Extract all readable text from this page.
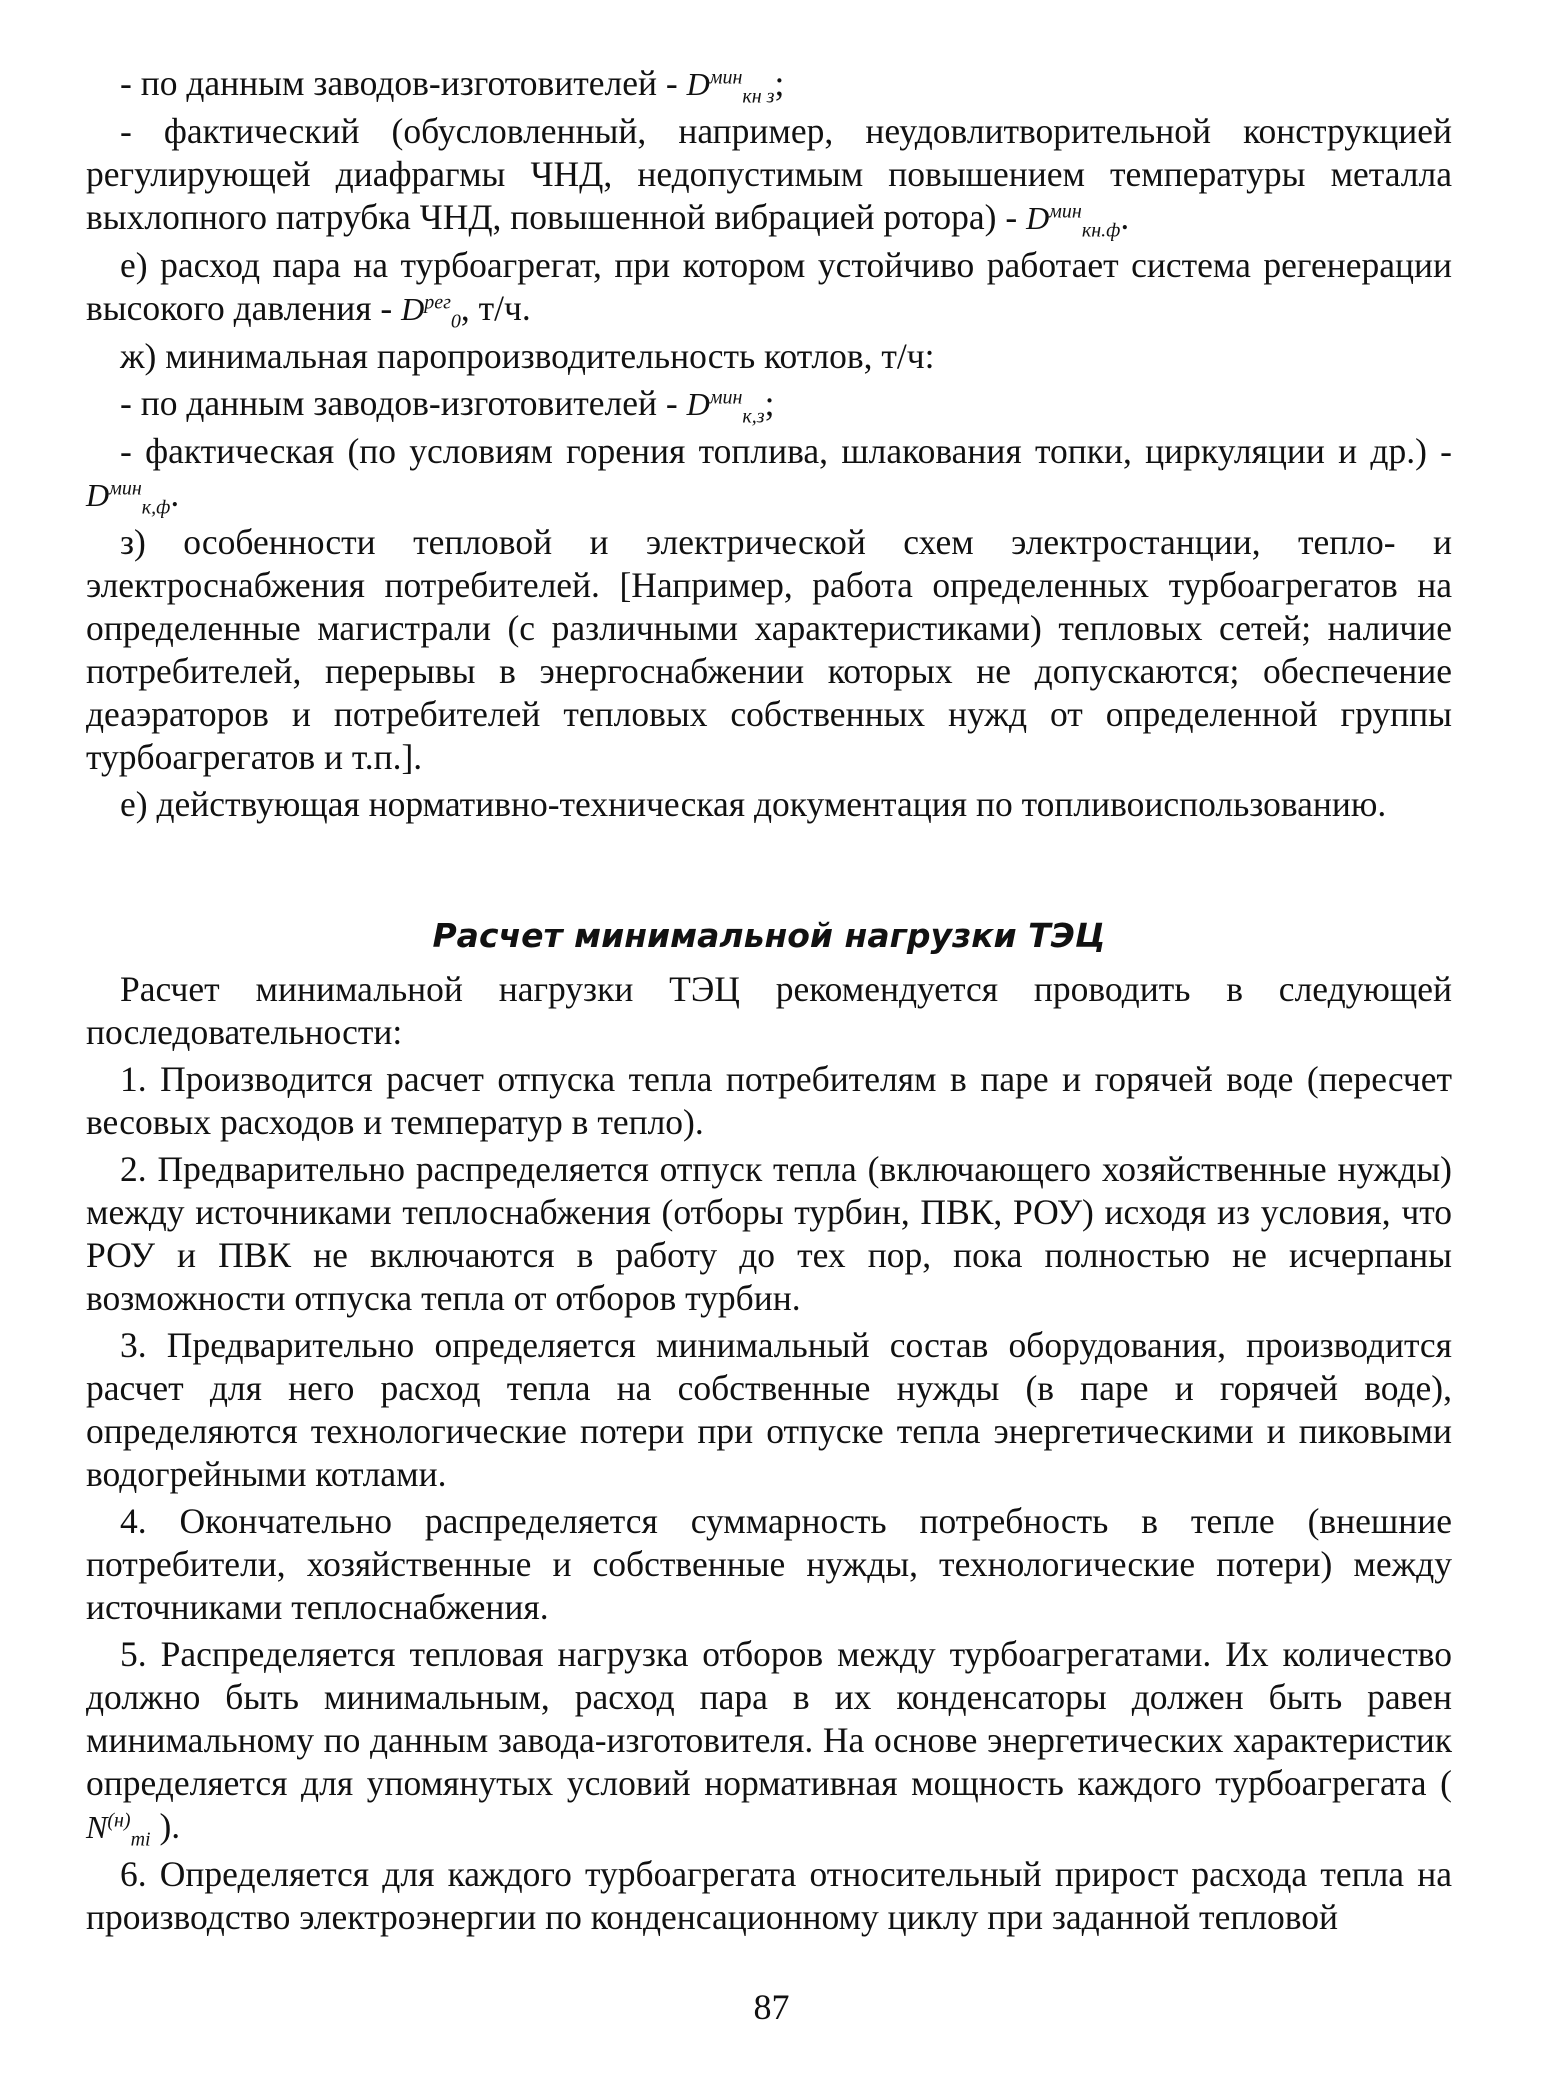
- по данным заводов-изготовителей - $D^{мин}_{кн з}$;

- фактический (обусловленный, например, неудовлитворительной конструкцией регулирующей диафрагмы ЧНД, недопустимым повышением температуры металла выхлопного патрубка ЧНД, повышенной вибрацией ротора) - $D^{мин}_{кн.ф}$.

е) расход пара на турбоагрегат, при котором устойчиво работает система регенерации высокого давления - $D^{рег}_0$, т/ч.

ж) минимальная паропроизводительность котлов, т/ч:

- по данным заводов-изготовителей - $D^{мин}_{к,з}$;

- фактическая (по условиям горения топлива, шлакования топки, циркуляции и $др.) - D^{мин}_{к,ф}$.

з) особенности тепловой и электрической схем электростанции, тепло- и электроснабжения потребителей. [Например, работа определенных турбоагрегатов на определенные магистрали (с различными характеристиками) тепловых сетей; наличие потребителей, перерывы в энергоснабжении которых не допускаются; обеспечение деаэраторов и потребителей тепловых собственных нужд от определенной группы турбоагрегатов и т.п.].

е) действующая нормативно-техническая документация по топливоиспользованию.

Расчет минимальной нагрузки ТЭЦ

Расчет минимальной нагрузки ТЭЦ рекомендуется проводить в следующей последовательности:

1. Производится расчет отпуска тепла потребителям в паре и горячей воде (пересчет весовых расходов и температур в тепло).

2. Предварительно распределяется отпуск тепла (включающего хозяйственные нужды) между источниками теплоснабжения (отборы турбин, ПВК, РОУ) исходя из условия, что РОУ и ПВК не включаются в работу до тех пор, пока полностью не исчерпаны возможности отпуска тепла от отборов турбин.

3. Предварительно определяется минимальный состав оборудования, производится расчет для него расход тепла на собственные нужды (в паре и горячей воде), определяются технологические потери при отпуске тепла энергетическими и пиковыми водогрейными котлами.

4. Окончательно распределяется суммарность потребность в тепле (внешние потребители, хозяйственные и собственные нужды, технологические потери) между источниками теплоснабжения.

5. Распределяется тепловая нагрузка отборов между турбоагрегатами. Их количество должно быть минимальным, расход пара в их конденсаторы должен быть равен минимальному по данным завода-изготовителя. На основе энергетических характеристик определяется для упомянутых условий нормативная мощность каждого турбоагрегата ( $N^{(н)}_{ті}$ ).

6. Определяется для каждого турбоагрегата относительный прирост расхода тепла на производство электроэнергии по конденсационному циклу при заданной тепловой

87
